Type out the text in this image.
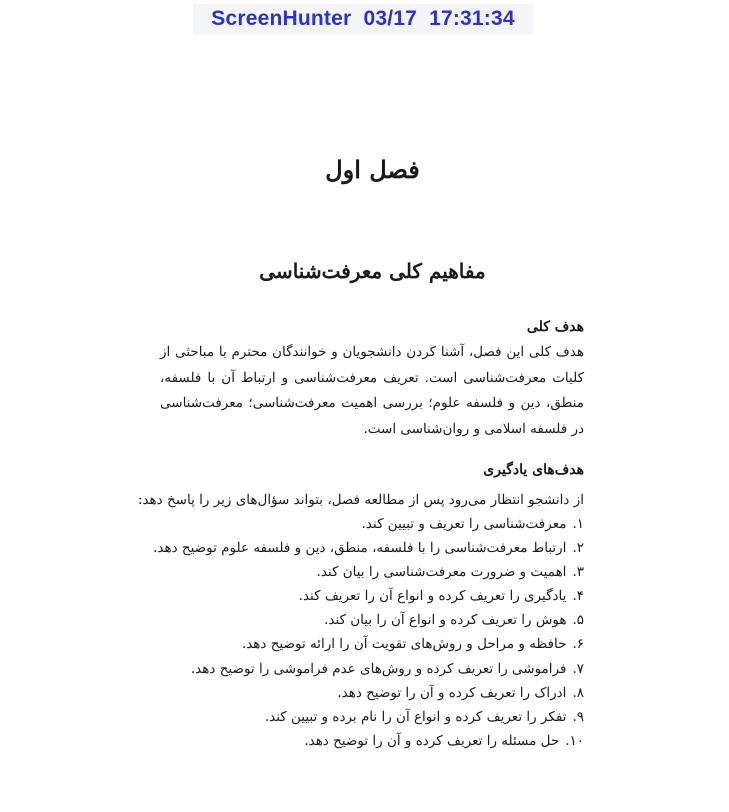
ScreenHunter  03/17  17:31:34
فصل اول
مفاهیم کلی معرفت‌شناسی
هدف کلی

هدف کلی این فصل، آشنا کردن دانشجویان و خوانندگان محترم با مباحثی از کلیات معرفت‌شناسی است. تعریف معرفت‌شناسی و ارتباط آن با فلسفه، منطق، دین و فلسفه علوم؛ بررسی اهمیت معرفت‌شناسی؛ معرفت‌شناسی در فلسفه اسلامی و روان‌شناسی است.

هدف‌های یادگیری

از دانشجو انتظار می‌رود پس از مطالعه فصل، بتواند سؤال‌های زیر را پاسخ دهد:

۱.معرفت‌شناسی را تعریف و تبیین کند.
۲.ارتباط معرفت‌شناسی را با فلسفه، منطق، دین و فلسفه علوم توضیح دهد.
۳.اهمیت و ضرورت معرفت‌شناسی را بیان کند.
۴.یادگیری را تعریف کرده و انواع آن را تعریف کند.
۵.هوش را تعریف کرده و انواع آن را بیان کند.
۶.حافظه و مراحل و روش‌های تقویت آن را ارائه توضیح دهد.
۷.فراموشی را تعریف کرده و روش‌های عدم فراموشی را توضیح دهد.
۸.ادراک را تعریف کرده و آن را توضیح دهد.
۹.تفکر را تعریف کرده و انواع آن را نام برده و تبیین کند.
۱۰.حل مسئله را تعریف کرده و آن را توضیح دهد.
